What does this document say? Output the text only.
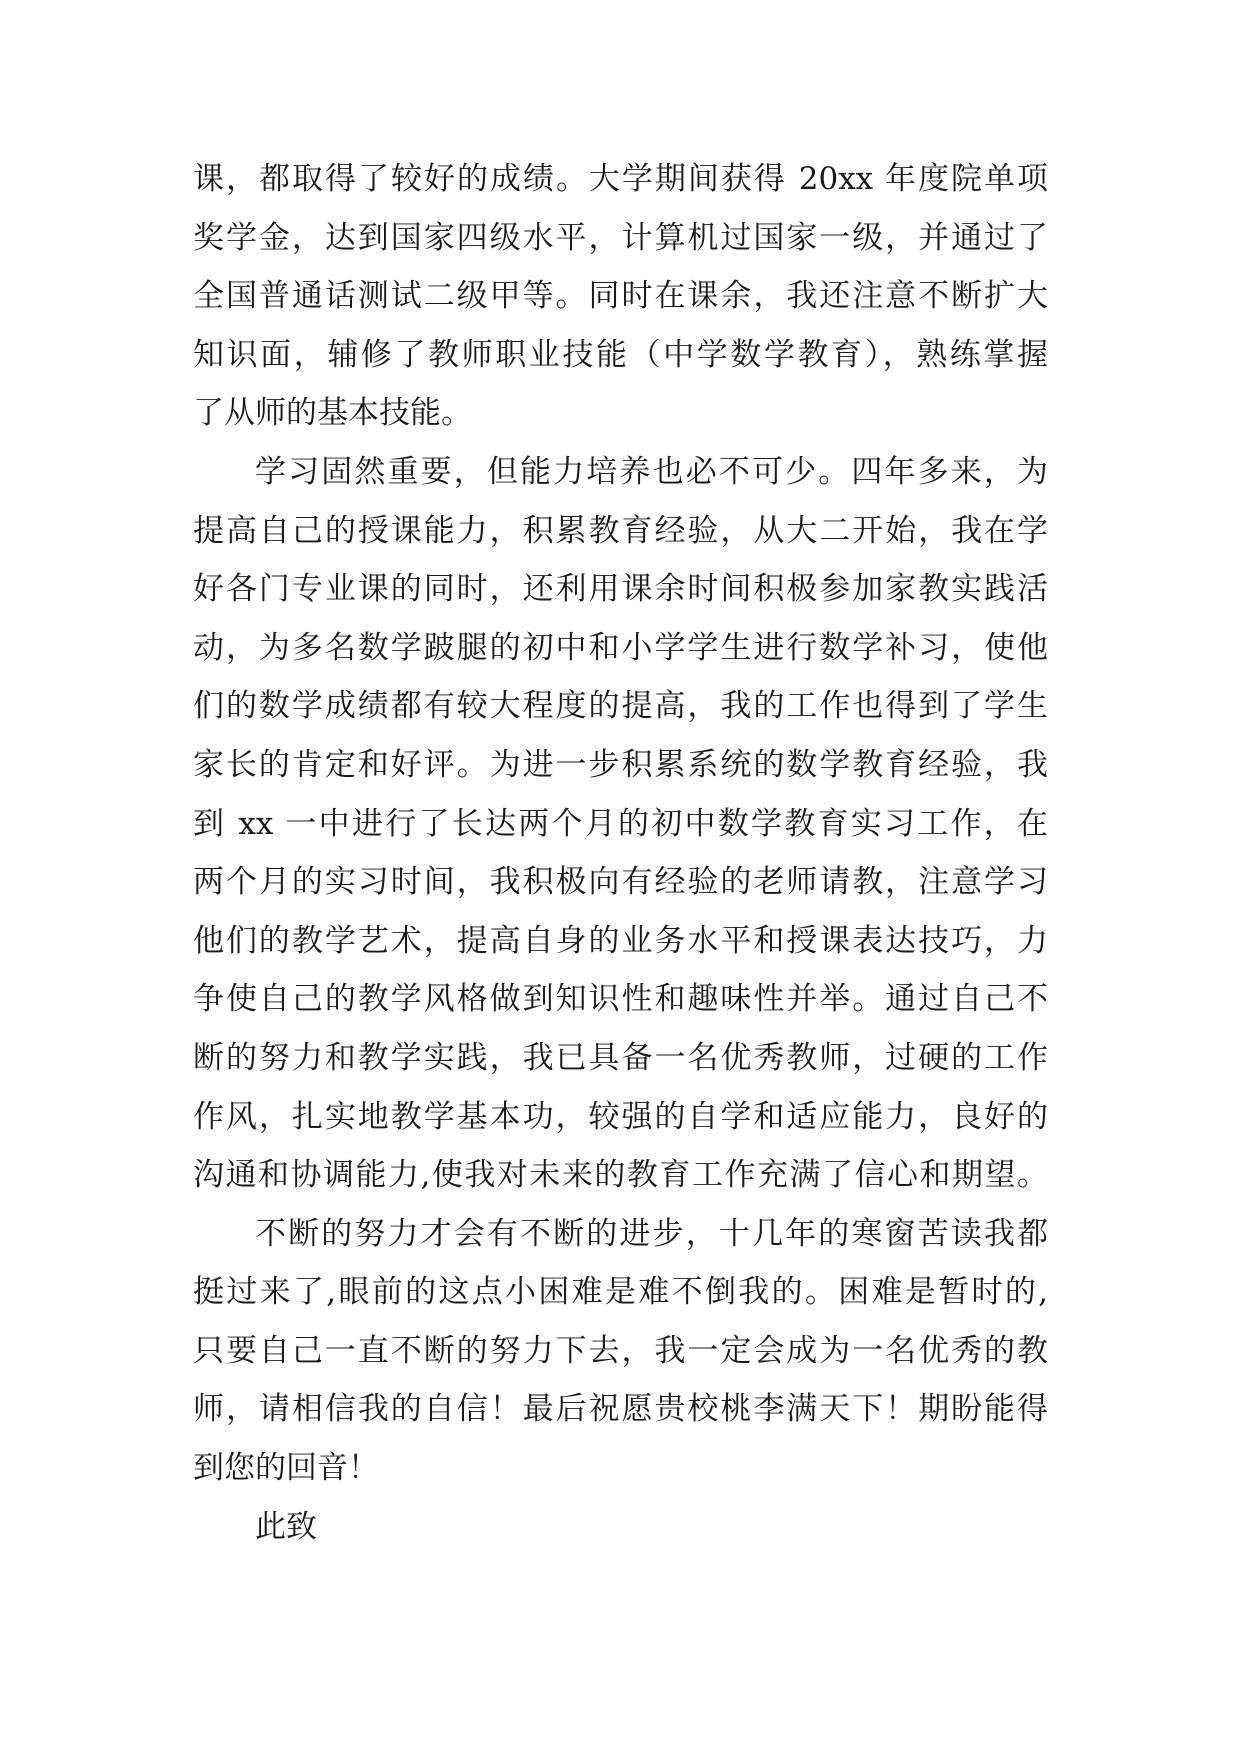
课，都取得了较好的成绩。大学期间获得 20xx 年度院单项
奖学金，达到国家四级水平，计算机过国家一级，并通过了
全国普通话测试二级甲等。同时在课余，我还注意不断扩大
知识面，辅修了教师职业技能（中学数学教育），熟练掌握
了从师的基本技能。
学习固然重要，但能力培养也必不可少。四年多来，为
提高自己的授课能力，积累教育经验，从大二开始，我在学
好各门专业课的同时，还利用课余时间积极参加家教实践活
动，为多名数学跛腿的初中和小学学生进行数学补习，使他
们的数学成绩都有较大程度的提高，我的工作也得到了学生
家长的肯定和好评。为进一步积累系统的数学教育经验，我
到 xx 一中进行了长达两个月的初中数学教育实习工作，在
两个月的实习时间，我积极向有经验的老师请教，注意学习
他们的教学艺术，提高自身的业务水平和授课表达技巧，力
争使自己的教学风格做到知识性和趣味性并举。通过自己不
断的努力和教学实践，我已具备一名优秀教师，过硬的工作
作风，扎实地教学基本功，较强的自学和适应能力，良好的
沟通和协调能力,使我对未来的教育工作充满了信心和期望。
不断的努力才会有不断的进步，十几年的寒窗苦读我都
挺过来了,眼前的这点小困难是难不倒我的。困难是暂时的,
只要自己一直不断的努力下去，我一定会成为一名优秀的教
师，请相信我的自信！最后祝愿贵校桃李满天下！期盼能得
到您的回音！
此致
